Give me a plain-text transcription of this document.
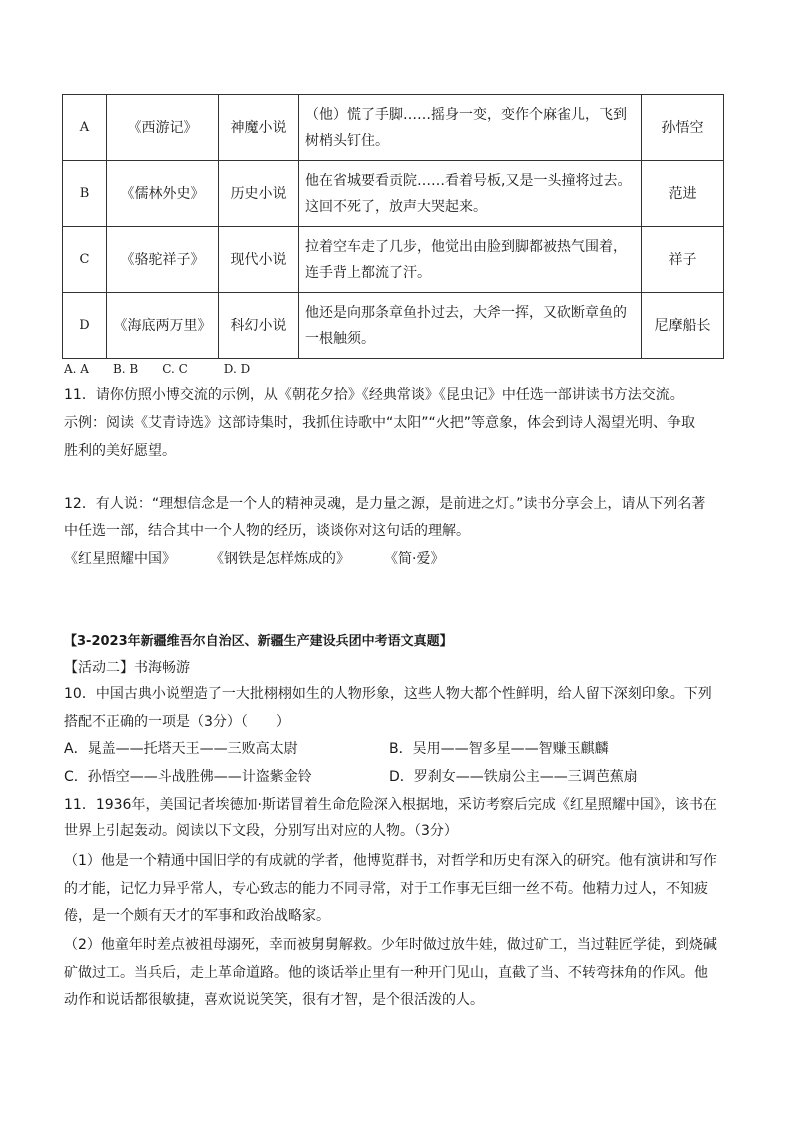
A	《西游记》	神魔小说	（他）慌了手脚……摇身一变，变作个麻雀儿，飞到
树梢头钉住。	孙悟空
B	《儒林外史》	历史小说	他在省城要看贡院……看着号板,又是一头撞将过去。
这回不死了，放声大哭起来。	范进
C	《骆驼祥子》	现代小说	拉着空车走了几步，他觉出由脸到脚都被热气围着，
连手背上都流了汗。	祥子
D	《海底两万里》	科幻小说	他还是向那条章鱼扑过去，大斧一挥，又砍断章鱼的
一根触须。	尼摩船长
A. A　　B. B　　C. C　　　D. D
11．请你仿照小博交流的示例，从《朝花夕拾》《经典常谈》《昆虫记》中任选一部讲读书方法交流。
示例：阅读《艾青诗选》这部诗集时，我抓住诗歌中“太阳”“火把”等意象，体会到诗人渴望光明、争取
胜利的美好愿望。
12．有人说：“理想信念是一个人的精神灵魂，是力量之源，是前进之灯。”读书分享会上，请从下列名著
中任选一部，结合其中一个人物的经历，谈谈你对这句话的理解。
《红星照耀中国》 《钢铁是怎样炼成的》 《简·爱》
【3-2023年新疆维吾尔自治区、新疆生产建设兵团中考语文真题】
【活动二】书海畅游
10．中国古典小说塑造了一大批栩栩如生的人物形象，这些人物大都个性鲜明，给人留下深刻印象。下列
搭配不正确的一项是（3分）（　　）
A．晁盖——托塔天王——三败高太尉	B．吴用——智多星——智赚玉麒麟
C．孙悟空——斗战胜佛——计盗紫金铃	D．罗刹女——铁扇公主——三调芭蕉扇
11．1936年，美国记者埃德加·斯诺冒着生命危险深入根据地，采访考察后完成《红星照耀中国》，该书在
世界上引起轰动。阅读以下文段，分别写出对应的人物。（3分）
（1）他是一个精通中国旧学的有成就的学者，他博览群书，对哲学和历史有深入的研究。他有演讲和写作
的才能，记忆力异乎常人，专心致志的能力不同寻常，对于工作事无巨细一丝不苟。他精力过人，不知疲
倦，是一个颇有天才的军事和政治战略家。
（2）他童年时差点被祖母溺死，幸而被舅舅解救。少年时做过放牛娃，做过矿工，当过鞋匠学徒，到烧碱
矿做过工。当兵后，走上革命道路。他的谈话举止里有一种开门见山，直截了当、不转弯抹角的作风。他
动作和说话都很敏捷，喜欢说说笑笑，很有才智，是个很活泼的人。
